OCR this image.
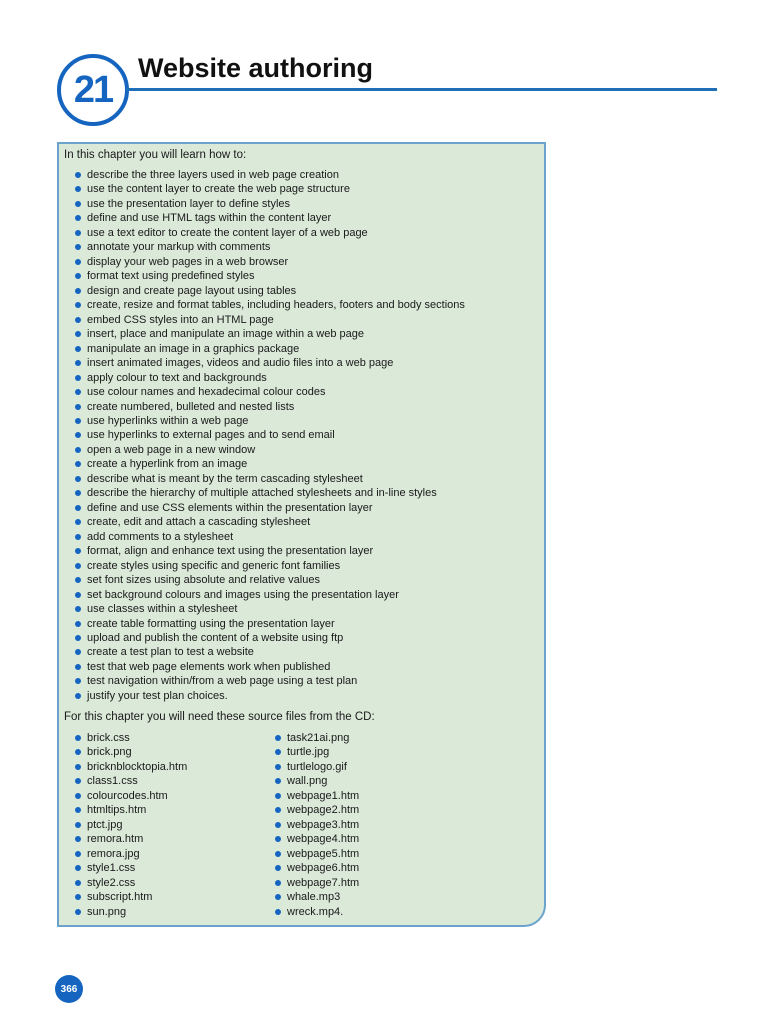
21
Website authoring

In this chapter you will learn how to:

describe the three layers used in web page creation
use the content layer to create the web page structure
use the presentation layer to define styles
define and use HTML tags within the content layer
use a text editor to create the content layer of a web page
annotate your markup with comments
display your web pages in a web browser
format text using predefined styles
design and create page layout using tables
create, resize and format tables, including headers, footers and body sections
embed CSS styles into an HTML page
insert, place and manipulate an image within a web page
manipulate an image in a graphics package
insert animated images, videos and audio files into a web page
apply colour to text and backgrounds
use colour names and hexadecimal colour codes
create numbered, bulleted and nested lists
use hyperlinks within a web page
use hyperlinks to external pages and to send email
open a web page in a new window
create a hyperlink from an image
describe what is meant by the term cascading stylesheet
describe the hierarchy of multiple attached stylesheets and in-line styles
define and use CSS elements within the presentation layer
create, edit and attach a cascading stylesheet
add comments to a stylesheet
format, align and enhance text using the presentation layer
create styles using specific and generic font families
set font sizes using absolute and relative values
set background colours and images using the presentation layer
use classes within a stylesheet
create table formatting using the presentation layer
upload and publish the content of a website using ftp
create a test plan to test a website
test that web page elements work when published
test navigation within/from a web page using a test plan
justify your test plan choices.

For this chapter you will need these source files from the CD:

brick.css
brick.png
bricknblocktopia.htm
class1.css
colourcodes.htm
htmltips.htm
ptct.jpg
remora.htm
remora.jpg
style1.css
style2.css
subscript.htm
sun.png
task21ai.png
turtle.jpg
turtlelogo.gif
wall.png
webpage1.htm
webpage2.htm
webpage3.htm
webpage4.htm
webpage5.htm
webpage6.htm
webpage7.htm
whale.mp3
wreck.mp4.
366
